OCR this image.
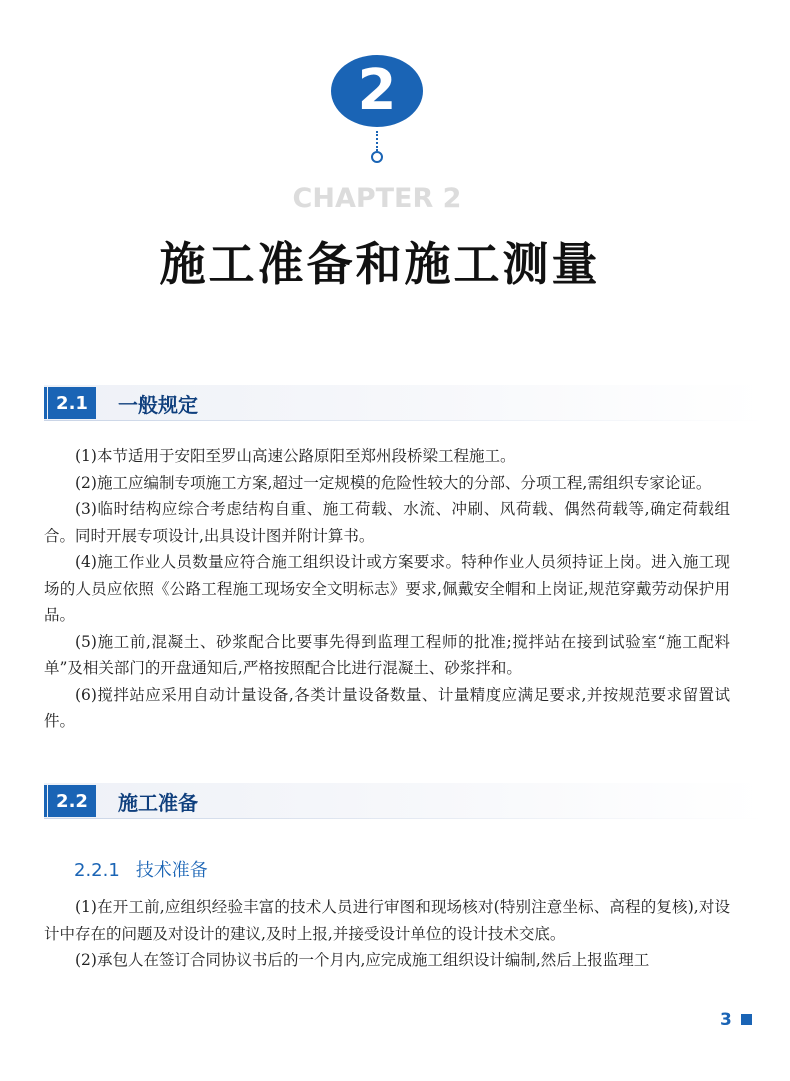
2
CHAPTER 2
施工准备和施工测量
2.1	一般规定

(1)本节适用于安阳至罗山高速公路原阳至郑州段桥梁工程施工。

(2)施工应编制专项施工方案,超过一定规模的危险性较大的分部、分项工程,需组织专家论证。

(3)临时结构应综合考虑结构自重、施工荷载、水流、冲刷、风荷载、偶然荷载等,确定荷载组合。同时开展专项设计,出具设计图并附计算书。

(4)施工作业人员数量应符合施工组织设计或方案要求。特种作业人员须持证上岗。进入施工现场的人员应依照《公路工程施工现场安全文明标志》要求,佩戴安全帽和上岗证,规范穿戴劳动保护用品。

(5)施工前,混凝土、砂浆配合比要事先得到监理工程师的批准;搅拌站在接到试验室“施工配料单”及相关部门的开盘通知后,严格按照配合比进行混凝土、砂浆拌和。

(6)搅拌站应采用自动计量设备,各类计量设备数量、计量精度应满足要求,并按规范要求留置试件。

2.2	施工准备
2.2.1 技术准备

(1)在开工前,应组织经验丰富的技术人员进行审图和现场核对(特别注意坐标、高程的复核),对设计中存在的问题及对设计的建议,及时上报,并接受设计单位的设计技术交底。

(2)承包人在签订合同协议书后的一个月内,应完成施工组织设计编制,然后上报监理工

3
